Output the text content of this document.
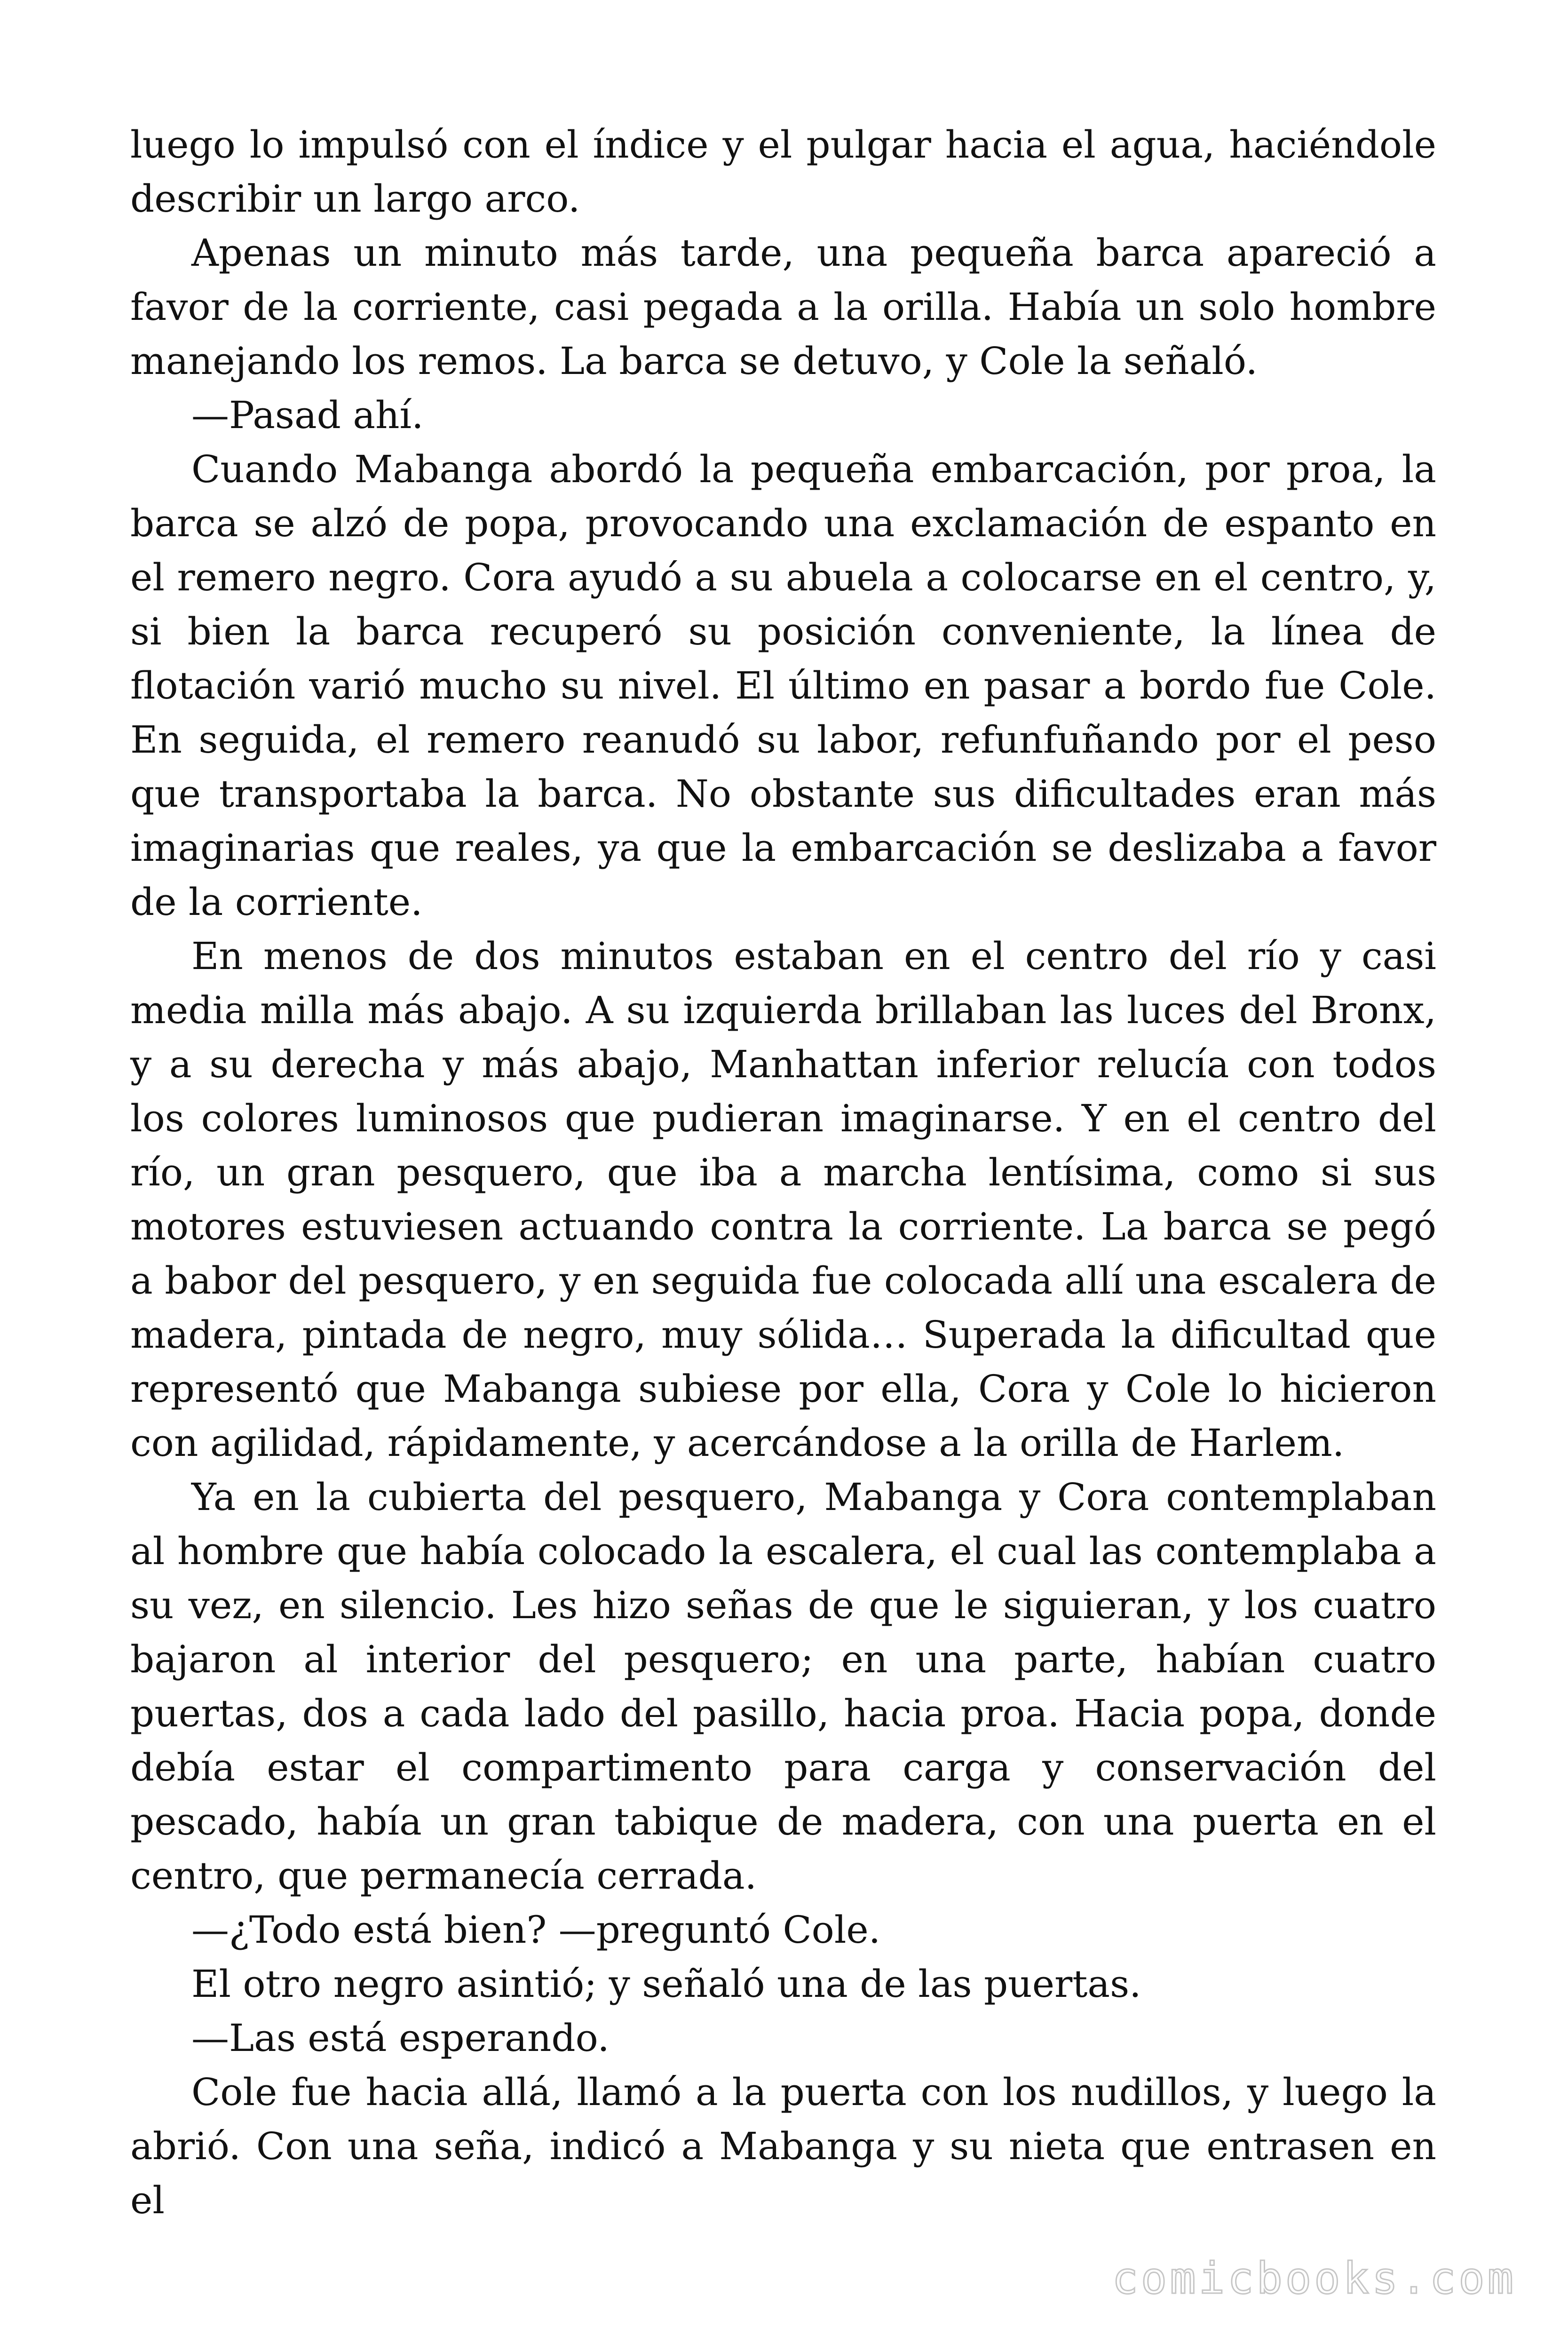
luego lo impulsó con el índice y el pulgar hacia el agua, haciéndole describir un largo arco.

Apenas un minuto más tarde, una pequeña barca apareció a favor de la corriente, casi pegada a la orilla. Había un solo hombre manejando los remos. La barca se detuvo, y Cole la señaló.

—Pasad ahí.

Cuando Mabanga abordó la pequeña embarcación, por proa, la barca se alzó de popa, provocando una exclamación de espanto en el remero negro. Cora ayudó a su abuela a colocarse en el centro, y, si bien la barca recuperó su posición conveniente, la línea de flotación varió mucho su nivel. El último en pasar a bordo fue Cole. En seguida, el remero reanudó su labor, refunfuñando por el peso que transportaba la barca. No obstante sus dificultades eran más imaginarias que reales, ya que la embarcación se deslizaba a favor de la corriente.

En menos de dos minutos estaban en el centro del río y casi media milla más abajo. A su izquierda brillaban las luces del Bronx, y a su derecha y más abajo, Manhattan inferior relucía con todos los colores luminosos que pudieran imaginarse. Y en el centro del río, un gran pesquero, que iba a marcha lentísima, como si sus motores estuviesen actuando contra la corriente. La barca se pegó a babor del pesquero, y en seguida fue colocada allí una escalera de madera, pintada de negro, muy sólida… Superada la dificultad que representó que Mabanga subiese por ella, Cora y Cole lo hicieron con agilidad, rápidamente, y acercándose a la orilla de Harlem.

Ya en la cubierta del pesquero, Mabanga y Cora contemplaban al hombre que había colocado la escalera, el cual las contemplaba a su vez, en silencio. Les hizo señas de que le siguieran, y los cuatro bajaron al interior del pesquero; en una parte, habían cuatro puertas, dos a cada lado del pasillo, hacia proa. Hacia popa, donde debía estar el compartimento para carga y conservación del pescado, había un gran tabique de madera, con una puerta en el centro, que permanecía cerrada.

—¿Todo está bien? —preguntó Cole.

El otro negro asintió; y señaló una de las puertas.

—Las está esperando.

Cole fue hacia allá, llamó a la puerta con los nudillos, y luego la abrió. Con una seña, indicó a Mabanga y su nieta que entrasen en el

comicbooks.com
